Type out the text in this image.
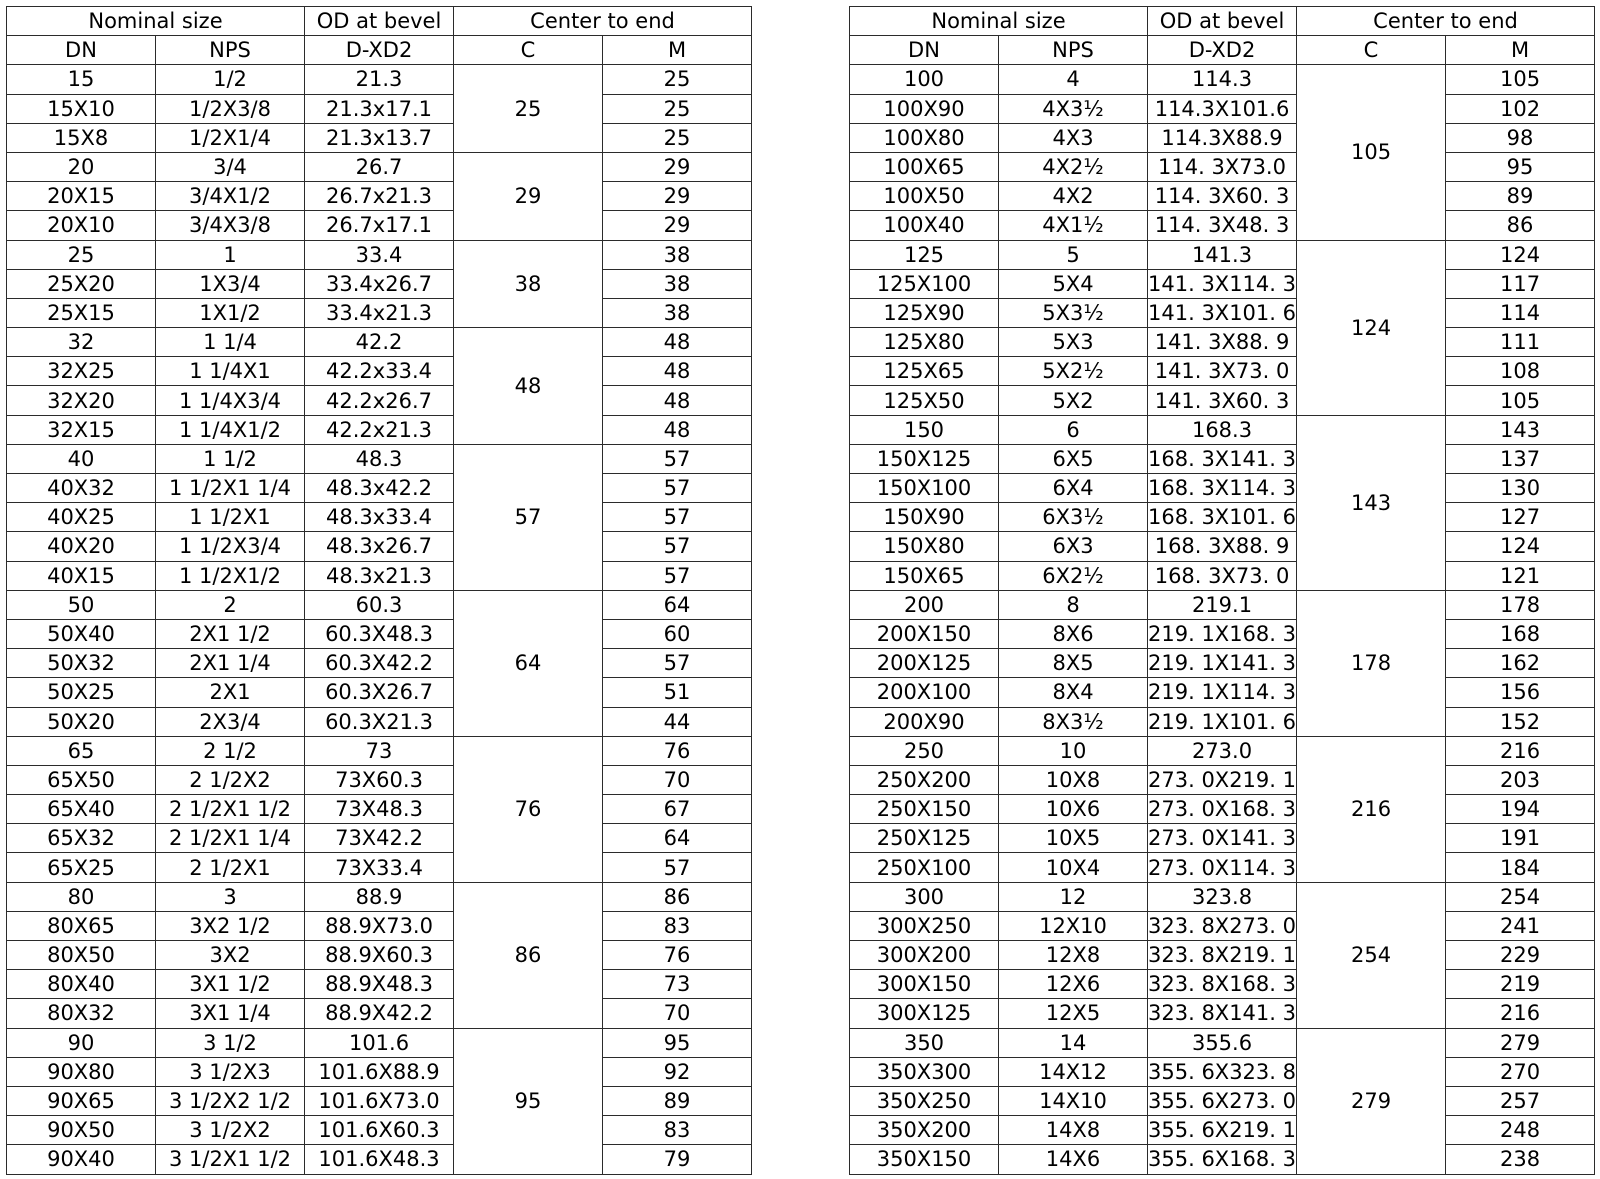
Nominal size		OD at bevel	Center to end	
DN	NPS	D-XD2	C	M
15	1/2	21.3	25	25
15X10	1/2X3/8	21.3x17.1		25
15X8	1/2X1/4	21.3x13.7		25
20	3/4	26.7	29	29
20X15	3/4X1/2	26.7x21.3		29
20X10	3/4X3/8	26.7x17.1		29
25	1	33.4	38	38
25X20	1X3/4	33.4x26.7		38
25X15	1X1/2	33.4x21.3		38
32	1 1/4	42.2	48	48
32X25	1 1/4X1	42.2x33.4		48
32X20	1 1/4X3/4	42.2x26.7		48
32X15	1 1/4X1/2	42.2x21.3		48
40	1 1/2	48.3	57	57
40X32	1 1/2X1 1/4	48.3x42.2		57
40X25	1 1/2X1	48.3x33.4		57
40X20	1 1/2X3/4	48.3x26.7		57
40X15	1 1/2X1/2	48.3x21.3		57
50	2	60.3	64	64
50X40	2X1 1/2	60.3X48.3		60
50X32	2X1 1/4	60.3X42.2		57
50X25	2X1	60.3X26.7		51
50X20	2X3/4	60.3X21.3		44
65	2 1/2	73	76	76
65X50	2 1/2X2	73X60.3		70
65X40	2 1/2X1 1/2	73X48.3		67
65X32	2 1/2X1 1/4	73X42.2		64
65X25	2 1/2X1	73X33.4		57
80	3	88.9	86	86
80X65	3X2 1/2	88.9X73.0		83
80X50	3X2	88.9X60.3		76
80X40	3X1 1/2	88.9X48.3		73
80X32	3X1 1/4	88.9X42.2		70
90	3 1/2	101.6	95	95
90X80	3 1/2X3	101.6X88.9		92
90X65	3 1/2X2 1/2	101.6X73.0		89
90X50	3 1/2X2	101.6X60.3		83
90X40	3 1/2X1 1/2	101.6X48.3		79
Nominal size		OD at bevel	Center to end	
DN	NPS	D-XD2	C	M
100	4	114.3	105	105
100X90	4X3½	114.3X101.6		102
100X80	4X3	114.3X88.9		98
100X65	4X2½	114. 3X73.0		95
100X50	4X2	114. 3X60. 3		89
100X40	4X1½	114. 3X48. 3		86
125	5	141.3	124	124
125X100	5X4	141. 3X114. 3		117
125X90	5X3½	141. 3X101. 6		114
125X80	5X3	141. 3X88. 9		111
125X65	5X2½	141. 3X73. 0		108
125X50	5X2	141. 3X60. 3		105
150	6	168.3	143	143
150X125	6X5	168. 3X141. 3		137
150X100	6X4	168. 3X114. 3		130
150X90	6X3½	168. 3X101. 6		127
150X80	6X3	168. 3X88. 9		124
150X65	6X2½	168. 3X73. 0		121
200	8	219.1	178	178
200X150	8X6	219. 1X168. 3		168
200X125	8X5	219. 1X141. 3		162
200X100	8X4	219. 1X114. 3		156
200X90	8X3½	219. 1X101. 6		152
250	10	273.0	216	216
250X200	10X8	273. 0X219. 1		203
250X150	10X6	273. 0X168. 3		194
250X125	10X5	273. 0X141. 3		191
250X100	10X4	273. 0X114. 3		184
300	12	323.8	254	254
300X250	12X10	323. 8X273. 0		241
300X200	12X8	323. 8X219. 1		229
300X150	12X6	323. 8X168. 3		219
300X125	12X5	323. 8X141. 3		216
350	14	355.6	279	279
350X300	14X12	355. 6X323. 8		270
350X250	14X10	355. 6X273. 0		257
350X200	14X8	355. 6X219. 1		248
350X150	14X6	355. 6X168. 3		238
